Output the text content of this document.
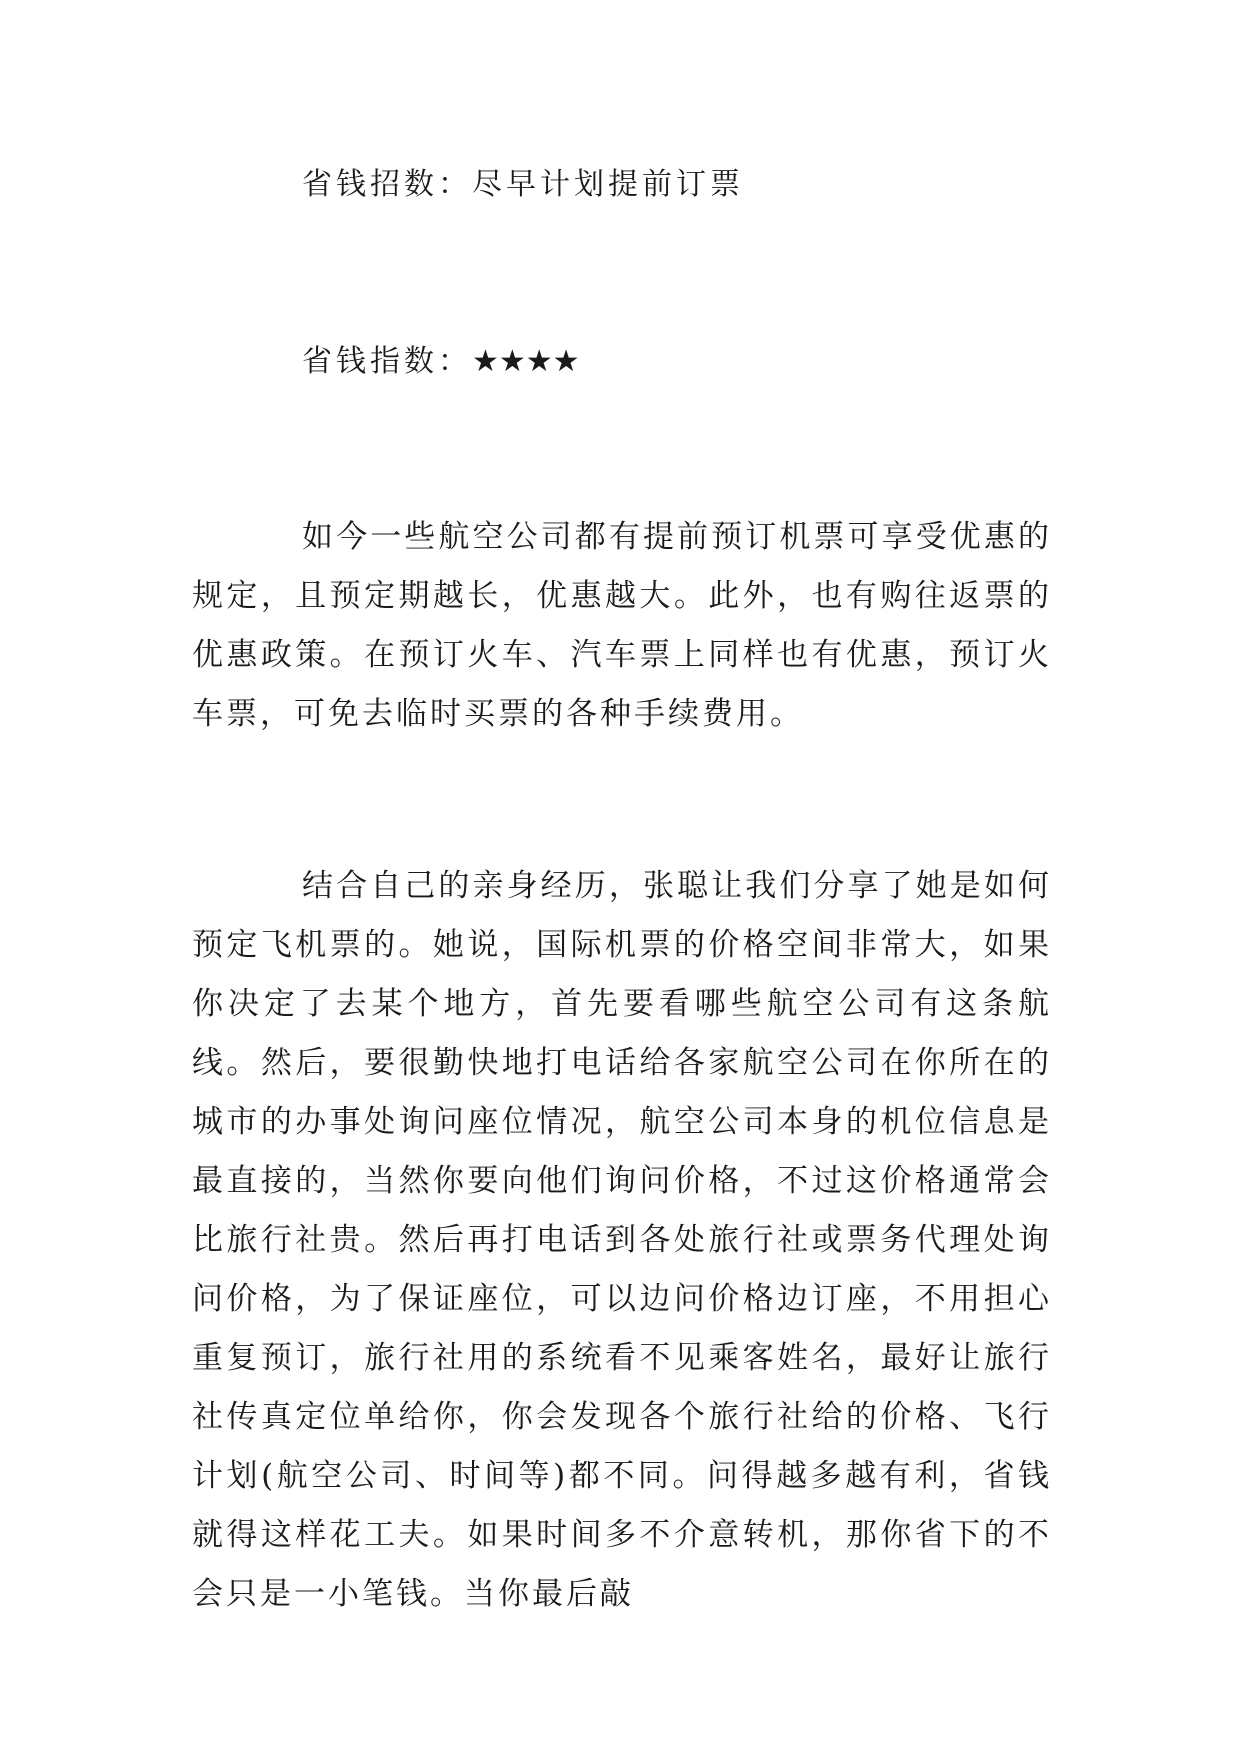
省钱招数：尽早计划提前订票
省钱指数：★★★★

如今一些航空公司都有提前预订机票可享受优惠的规定，且预定期越长，优惠越大。此外，也有购往返票的优惠政策。在预订火车、汽车票上同样也有优惠，预订火车票，可免去临时买票的各种手续费用。

结合自己的亲身经历，张聪让我们分享了她是如何预定飞机票的。她说，国际机票的价格空间非常大，如果你决定了去某个地方，首先要看哪些航空公司有这条航线。然后，要很勤快地打电话给各家航空公司在你所在的城市的办事处询问座位情况，航空公司本身的机位信息是最直接的，当然你要向他们询问价格，不过这价格通常会比旅行社贵。然后再打电话到各处旅行社或票务代理处询问价格，为了保证座位，可以边问价格边订座，不用担心重复预订，旅行社用的系统看不见乘客姓名，最好让旅行社传真定位单给你，你会发现各个旅行社给的价格、飞行计划(航空公司、时间等)都不同。问得越多越有利，省钱就得这样花工夫。如果时间多不介意转机，那你省下的不会只是一小笔钱。当你最后敲
